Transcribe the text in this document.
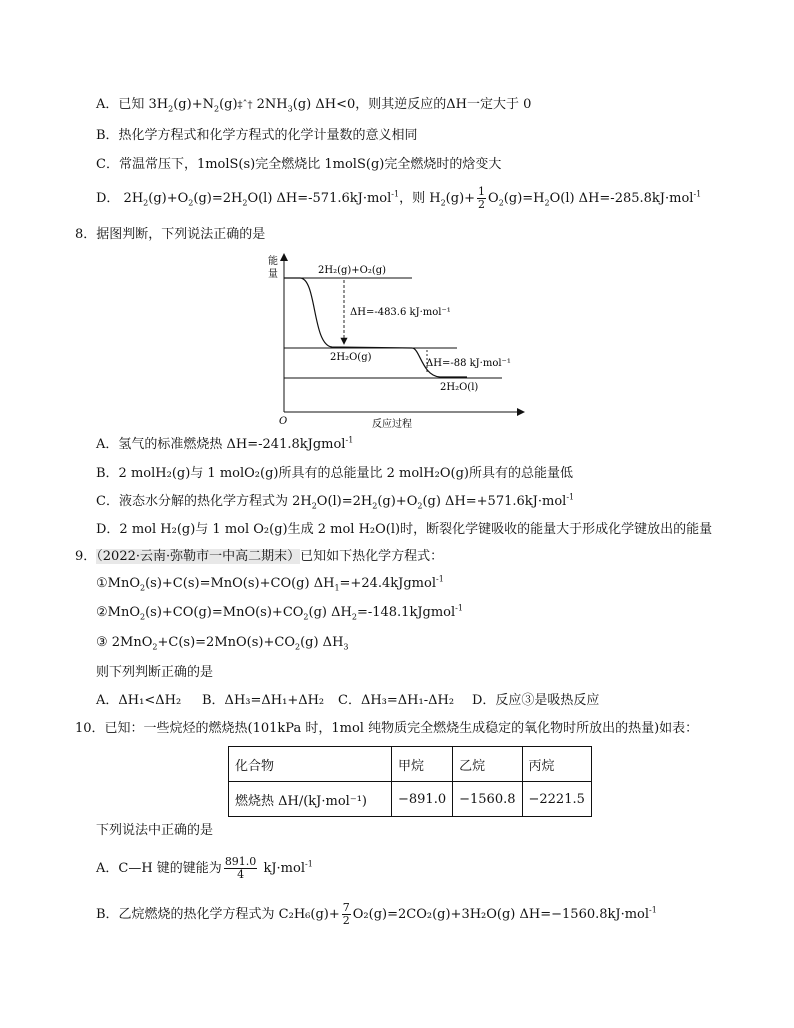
A．已知 $3H_2(g)+N_2(g)\ddagger ˆ\dagger$ $2NH_3(g)$ ΔH<0，则其逆反应的ΔH一定大于 0
B．热化学方程式和化学方程式的化学计量数的意义相同
C．常温常压下，1molS(s)完全燃烧比 1molS(g)完全燃烧时的焓变大
D． $2H_2(g)+O_2(g)=2H_2O(l)$ ΔH=-571.6kJ·mol$^{-1}$，则 $H_2(g)+ \frac{1}{2} O_2(g)=H_2O(l)$ ΔH=-285.8kJ·mol$^{-1}$
8．据图判断，下列说法正确的是
能
量
O	反应过程
2H₂(g)+O₂(g)
2H₂O(g)
2H₂O(l)
ΔH=-483.6 kJ·mol⁻¹
ΔH=-88 kJ·mol⁻¹
A．氢气的标准燃烧热 ΔH=-241.8kJgmol$^{-1}$
B．2 molH₂(g)与 1 molO₂(g)所具有的总能量比 2 molH₂O(g)所具有的总能量低
C．液态水分解的热化学方程式为 $2H_2O(l)=2H_2(g)+O_2(g)$ ΔH=+571.6kJ·mol$^{-1}$
D．2 mol H₂(g)与 1 mol O₂(g)生成 2 mol H₂O(l)时，断裂化学键吸收的能量大于形成化学键放出的能量
9．（2022·云南·弥勒市一中高二期末）已知如下热化学方程式：
①MnO$_2$(s)+C(s)=MnO(s)+CO(g) $\Delta H_1=+24.4kJgmol^{-1}$
$②MnO_2(s)+CO(g)=MnO(s)+CO_2(g)$ $\Delta H_2=-148.1kJgmol^{-1}$
③ $2MnO_2+C(s)=2MnO(s)+CO_2(g)$ $\Delta H_3$
则下列判断正确的是
A．ΔH₁<ΔH₂ B．ΔH₃=ΔH₁+ΔH₂ C．ΔH₃=ΔH₁-ΔH₂ D．反应③是吸热反应
10．已知：一些烷烃的燃烧热(101kPa 时，1mol 纯物质完全燃烧生成稳定的氧化物时所放出的热量)如表：
化合物	甲烷	乙烷	丙烷
燃烧热 ΔH/(kJ·mol⁻¹)	−891.0	−1560.8	−2221.5
下列说法中正确的是
A．C—H 键的键能为 $\frac{891.0}{4} kJ\cdot mol^{-1}$
B．乙烷燃烧的热化学方程式为 $C_2H_6(g)+ \frac{7}{2} O_2(g)=2CO_2(g)+3H_2O(g)$ ΔH=−1560.8kJ·mol$^{-1}$
